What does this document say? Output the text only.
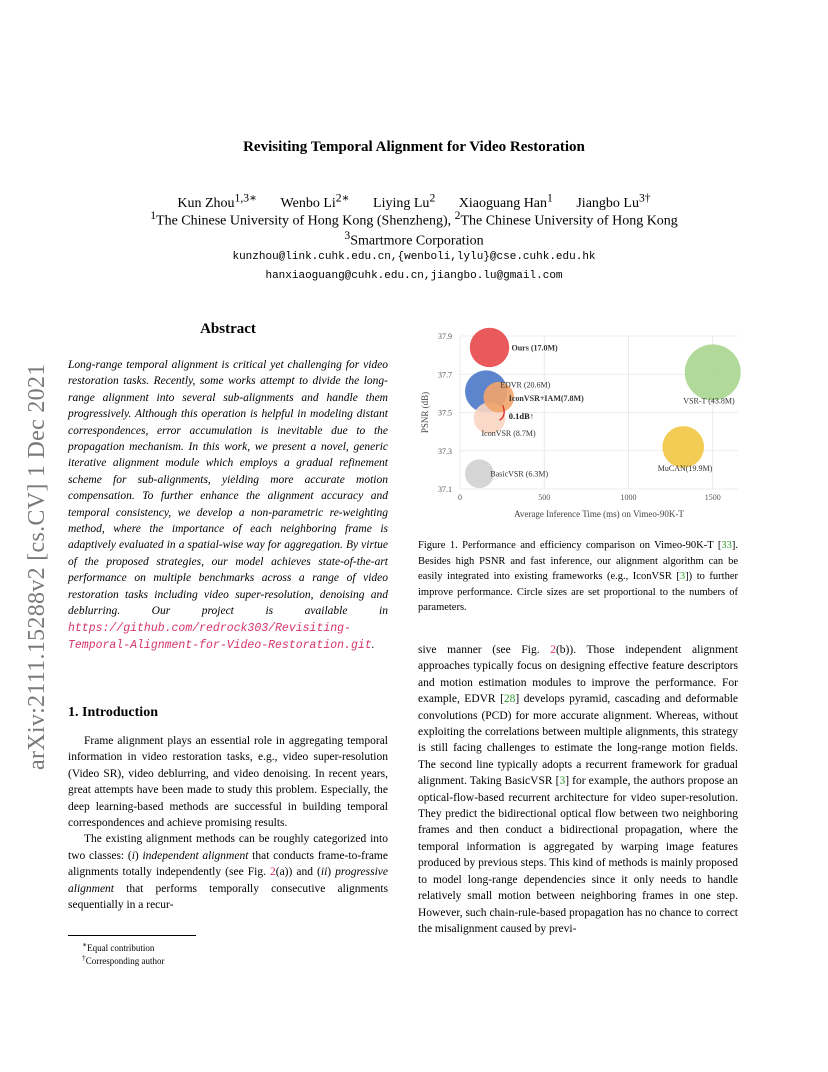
Revisiting Temporal Alignment for Video Restoration
Kun Zhou$^{1,3∗}$ Wenbo $Li^{2∗}$ Liying Lu$^2$ Xiaoguang Han$^1$ Jiangbo $Lu^{3\dagger}$
$^1$The Chinese University of Hong Kong (Shenzheng), $^2$The Chinese University of Hong Kong
$^3$Smartmore Corporation
kunzhou@link.cuhk.edu.cn,{wenboli,lylu}@cse.cuhk.edu.hk
hanxiaoguang@cuhk.edu.cn,jiangbo.lu@gmail.com
arXiv:2111.15288v2 [cs.CV] 1 Dec 2021
Abstract
Long-range temporal alignment is critical yet challenging for video restoration tasks. Recently, some works attempt to divide the long-range alignment into several sub-alignments and handle them progressively. Although this operation is helpful in modeling distant correspondences, error accumulation is inevitable due to the propagation mechanism. In this work, we present a novel, generic iterative alignment module which employs a gradual refinement scheme for sub-alignments, yielding more accurate motion compensation. To further enhance the alignment accuracy and temporal consistency, we develop a non-parametric re-weighting method, where the importance of each neighboring frame is adaptively evaluated in a spatial-wise way for aggregation. By virtue of the proposed strategies, our model achieves state-of-the-art performance on multiple benchmarks across a range of video restoration tasks including video super-resolution, denoising and deblurring. Our project is available in https://github.com/redrock303/Revisiting-Temporal-Alignment-for-Video-Restoration.git.
1. Introduction

Frame alignment plays an essential role in aggregating temporal information in video restoration tasks, e.g., video super-resolution (Video SR), video deblurring, and video denoising. In recent years, great attempts have been made to study this problem. Especially, the deep learning-based methods are successful in building temporal correspondences and achieve promising results.

The existing alignment methods can be roughly categorized into two classes: (i) independent alignment that conducts frame-to-frame alignments totally independently (see Fig. 2(a)) and (ii) progressive alignment that performs temporally consecutive alignments sequentially in a recur-

∗Equal contribution
†Corresponding author
37.1
37.3
37.5
37.7
37.9
0	500	1000	1500
Average Inference Time (ms) on Vimeo-90K-T
PSNR (dB)
Ours (17.0M)
EDVR (20.6M)
IconVSR+IAM(7.8M)
IconVSR (8.7M)
VSR-T (43.8M)
MuCAN(19.9M)
BasicVSR (6.3M)
0.1dB↑
Figure 1. Performance and efficiency comparison on Vimeo-90K-T [33]. Besides high PSNR and fast inference, our alignment algorithm can be easily integrated into existing frameworks (e.g., IconVSR [3]) to further improve performance. Circle sizes are set proportional to the numbers of parameters.
sive manner (see Fig. 2(b)). Those independent alignment approaches typically focus on designing effective feature descriptors and motion estimation modules to improve the performance. For example, EDVR [28] develops pyramid, cascading and deformable convolutions (PCD) for more accurate alignment. Whereas, without exploiting the correlations between multiple alignments, this strategy is still facing challenges to estimate the long-range motion fields. The second line typically adopts a recurrent framework for gradual alignment. Taking BasicVSR [3] for example, the authors propose an optical-flow-based recurrent architecture for video super-resolution. They predict the bidirectional optical flow between two neighboring frames and then conduct a bidirectional propagation, where the temporal information is aggregated by warping image features produced by previous steps. This kind of methods is mainly proposed to model long-range dependencies since it only needs to handle relatively small motion between neighboring frames in one step. However, such chain-rule-based propagation has no chance to correct the misalignment caused by previ-
